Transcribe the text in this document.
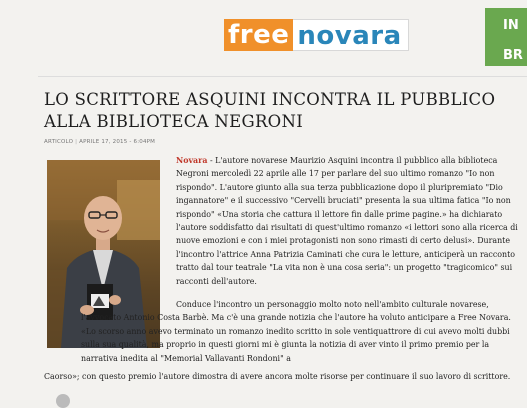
free novara	IN
BR
LO SCRITTORE ASQUINI INCONTRA IL PUBBLICO ALLA BIBLIOTECA NEGRONI
ARTICOLO | APRILE 17, 2015 - 6:04PM

Novara - L'autore novarese Maurizio Asquini incontra il pubblico alla biblioteca Negroni mercoledì 22 aprile alle 17 per parlare del suo ultimo romanzo "Io non rispondo". L'autore giunto alla sua terza pubblicazione dopo il pluripremiato "Dio ingannatore" e il successivo "Cervelli bruciati" presenta la sua ultima fatica "Io non rispondo" «Una storia che cattura il lettore fin dalle prime pagine.» ha dichiarato l'autore soddisfatto dai risultati di quest'ultimo romanzo «i lettori sono alla ricerca di nuove emozioni e con i miei protagonisti non sono rimasti di certo delusi». Durante l'incontro l'attrice Anna Patrizia Caminati che cura le letture, anticiperà un racconto tratto dal tour teatrale "La vita non è una cosa seria": un progetto "tragicomico" sui racconti dell'autore.

Conduce l'incontro un personaggio molto noto nell'ambito culturale novarese, l'avvocato Antonio Costa Barbè. Ma c'è una grande notizia che l'autore ha voluto anticipare a Free Novara. «Lo scorso anno avevo terminato un romanzo inedito scritto in sole ventiquattrore di cui avevo molti dubbi sulla sua qualità, ma proprio in questi giorni mi è giunta la notizia di aver vinto il primo premio per la narrativa inedita al "Memorial Vallavanti Rondoni" a

Caorso»; con questo premio l'autore dimostra di avere ancora molte risorse per continuare il suo lavoro di scrittore.
